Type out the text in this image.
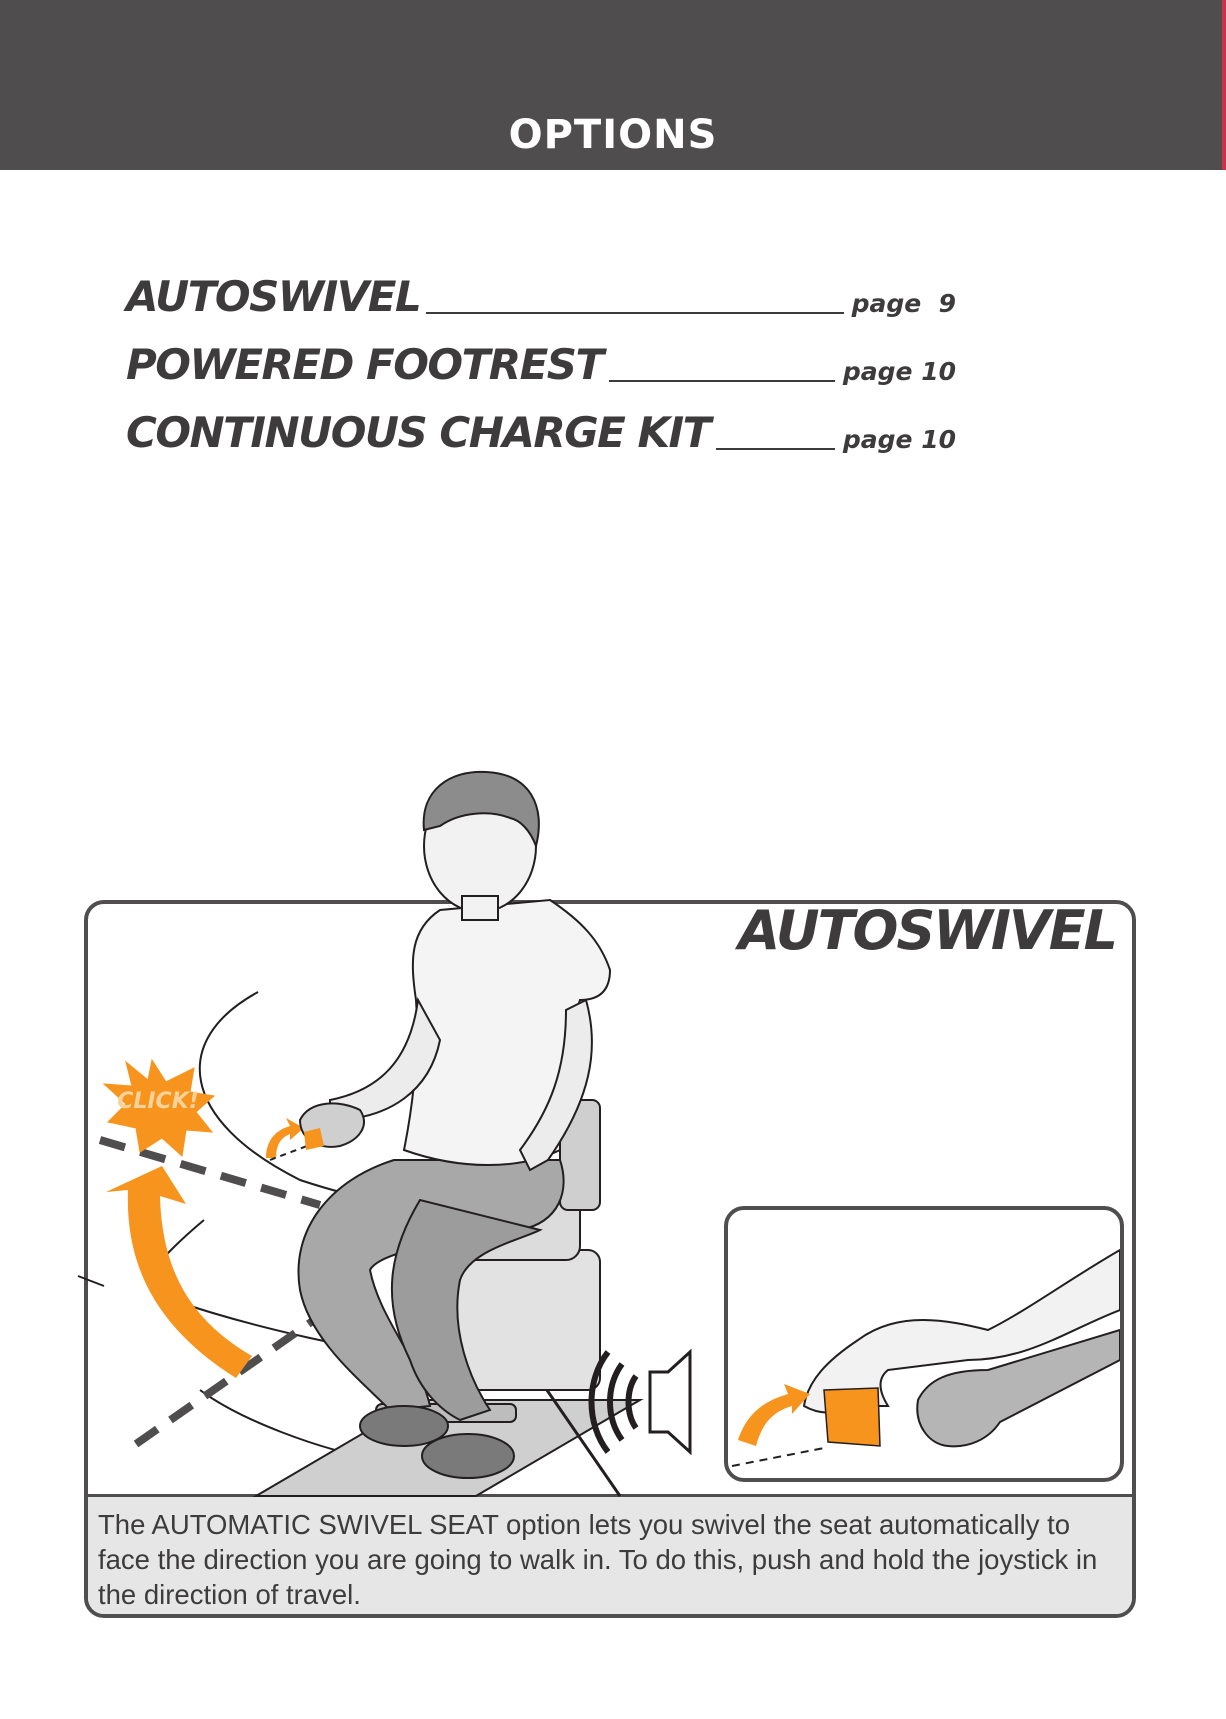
OPTIONS
AUTOSWIVEL	page  9
POWERED FOOTREST	page 10
CONTINUOUS CHARGE KIT	page 10
AUTOSWIVEL
The AUTOMATIC SWIVEL SEAT option lets you swivel the seat automatically to face the direction you are going to walk in. To do this, push and hold the joystick in the direction of travel.
CLICK!
